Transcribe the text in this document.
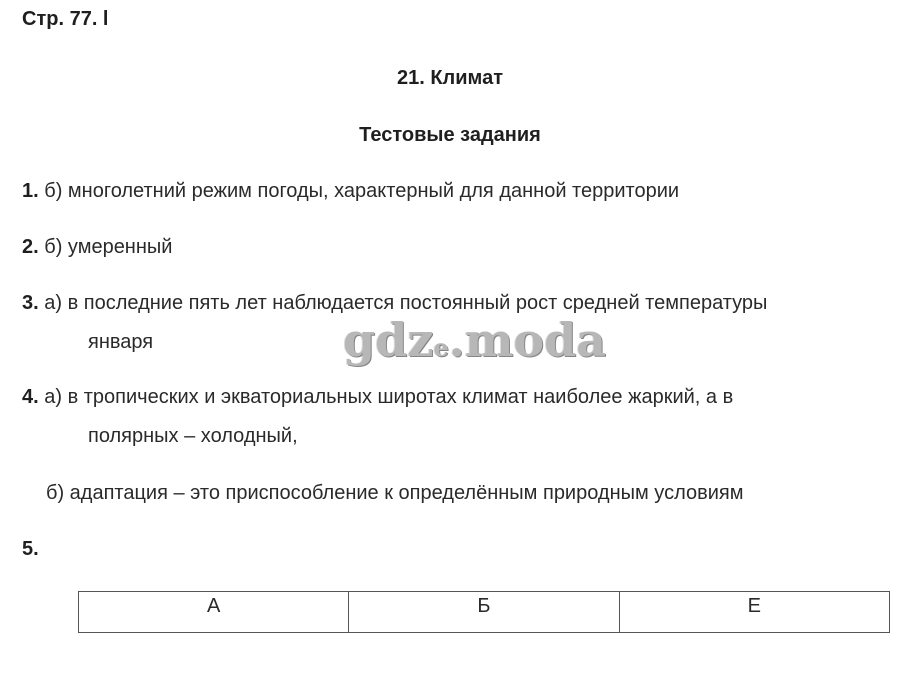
Стр. 77. l
21. Климат
Тестовые задания
1. б) многолетний режим погоды, характерный для данной территории
2. б) умеренный
3. а) в последние пять лет наблюдается постоянный рост средней температуры
января	gdze.moda
4. а) в тропических и экваториальных широтах климат наиболее жаркий, а в
полярных – холодный,
б) адаптация – это приспособление к определённым природным условиям
5.
А	Б	Е
